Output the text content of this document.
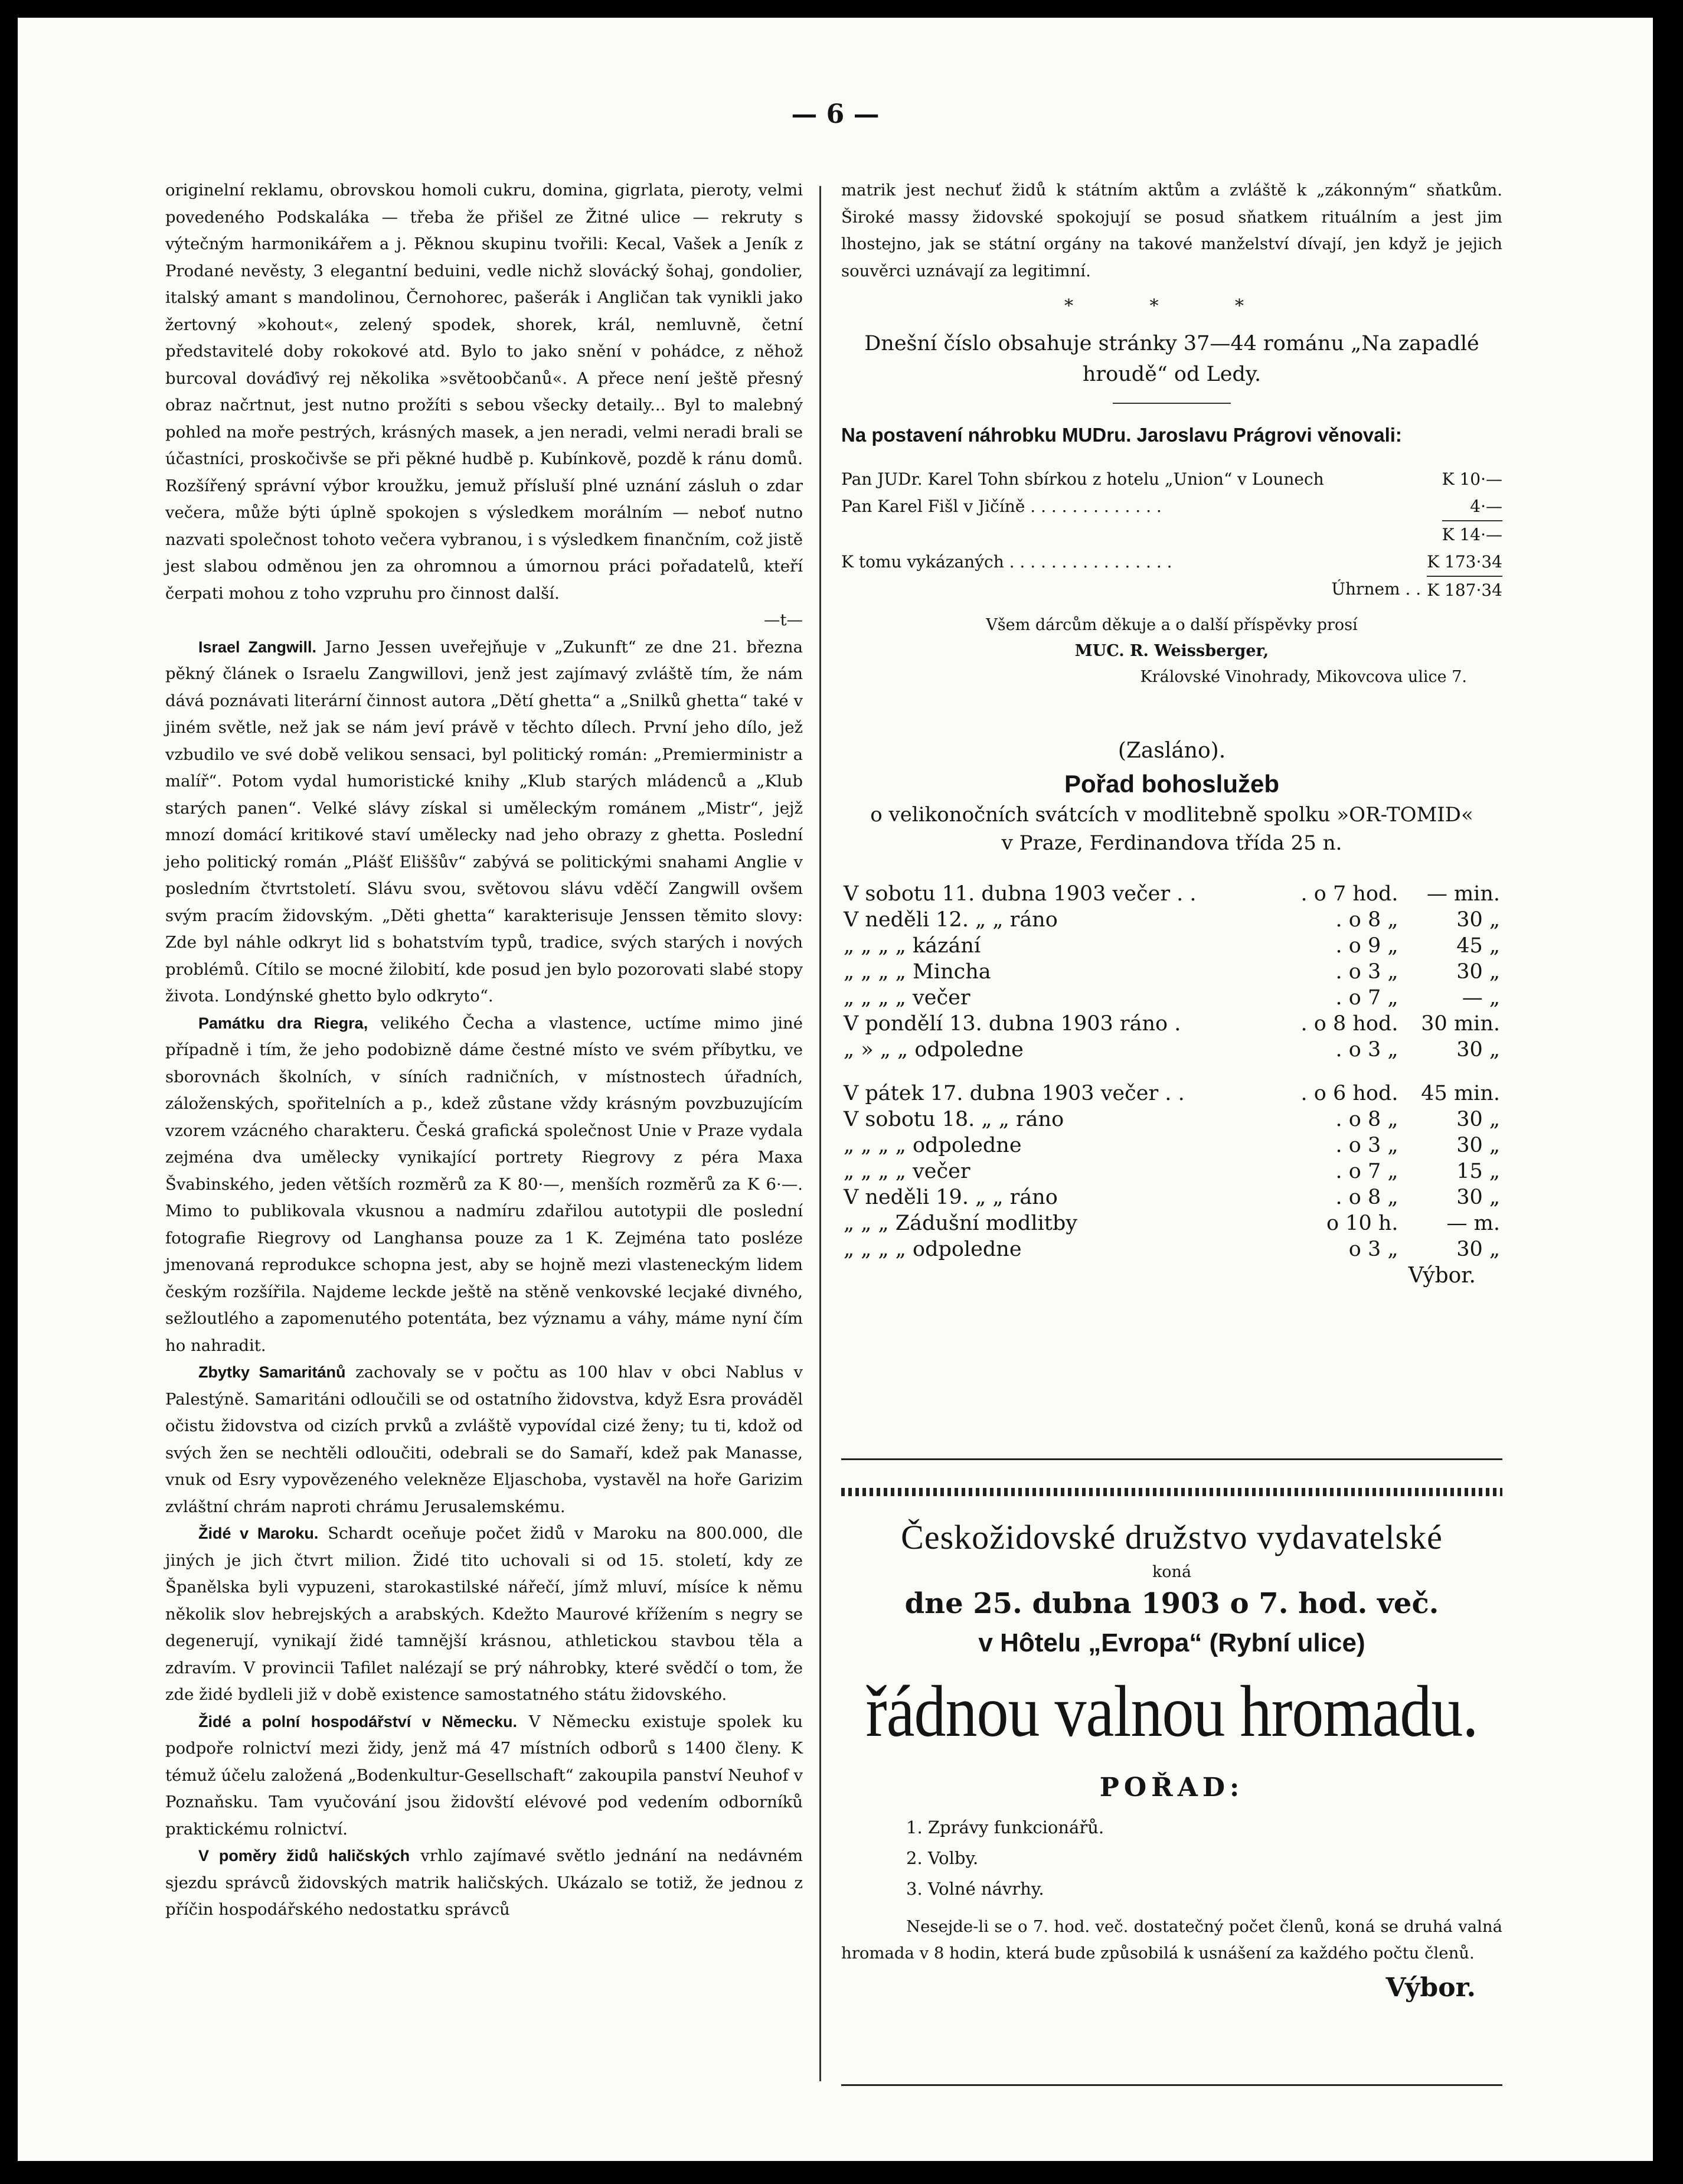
— 6 —

originelní reklamu, obrovskou homoli cukru, domina, gigrlata, pieroty, velmi povedeného Podskaláka — třeba že přišel ze Žitné ulice — rekruty s výtečným harmonikářem a j. Pěknou skupinu tvořili: Kecal, Vašek a Jeník z Prodané nevěsty, 3 elegantní beduini, vedle nichž slovácký šohaj, gondolier, italský amant s mandolinou, Černohorec, pašerák i Angličan tak vynikli jako žertovný »kohout«, zelený spodek, shorek, král, nemluvně, četní představitelé doby rokokové atd. Bylo to jako snění v pohádce, z něhož burcoval dováďivý rej několika »světoobčanů«. A přece není ještě přesný obraz načrtnut, jest nutno prožíti s sebou všecky detaily... Byl to malebný pohled na moře pestrých, krásných masek, a jen neradi, velmi neradi brali se účastníci, proskočivše se při pěkné hudbě p. Kubínkově, pozdě k ránu domů. Rozšířený správní výbor kroužku, jemuž přísluší plné uznání zásluh o zdar večera, může býti úplně spokojen s výsledkem morálním — neboť nutno nazvati společnost tohoto večera vybranou, i s výsledkem finančním, což jistě jest slabou odměnou jen za ohromnou a úmornou práci pořadatelů, kteří čerpati mohou z toho vzpruhu pro činnost další.

—t—

Israel Zangwill. Jarno Jessen uveřejňuje v „Zukunft“ ze dne 21. března pěkný článek o Israelu Zangwillovi, jenž jest zajímavý zvláště tím, že nám dává poznávati literární činnost autora „Dětí ghetta“ a „Snilků ghetta“ také v jiném světle, než jak se nám jeví právě v těchto dílech. První jeho dílo, jež vzbudilo ve své době velikou sensaci, byl politický román: „Premierministr a malíř“. Potom vydal humoristické knihy „Klub starých mládenců a „Klub starých panen“. Velké slávy získal si uměleckým románem „Mistr“, jejž mnozí domácí kritikové staví umělecky nad jeho obrazy z ghetta. Poslední jeho politický román „Plášť Eliššův“ zabývá se politickými snahami Anglie v posledním čtvrtstoletí. Slávu svou, světovou slávu vděčí Zangwill ovšem svým pracím židovským. „Děti ghetta“ karakterisuje Jenssen těmito slovy: Zde byl náhle odkryt lid s bohatstvím typů, tradice, svých starých i nových problémů. Cítilo se mocné žilobití, kde posud jen bylo pozorovati slabé stopy života. Londýnské ghetto bylo odkryto“.

Památku dra Riegra, velikého Čecha a vlastence, uctíme mimo jiné případně i tím, že jeho podobizně dáme čestné místo ve svém příbytku, ve sborovnách školních, v síních radničních, v místnostech úřadních, záloženských, spořitelních a p., kdež zůstane vždy krásným povzbuzujícím vzorem vzácného charakteru. Česká grafická společnost Unie v Praze vydala zejména dva umělecky vynikající portrety Riegrovy z péra Maxa Švabinského, jeden větších rozměrů za K 80·—, menších rozměrů za K 6·—. Mimo to publikovala vkusnou a nadmíru zdařilou autotypii dle poslední fotografie Riegrovy od Langhansa pouze za 1 K. Zejména tato posléze jmenovaná reprodukce schopna jest, aby se hojně mezi vlasteneckým lidem českým rozšířila. Najdeme leckde ještě na stěně venkovské lecjaké divného, sežloutlého a zapomenutého potentáta, bez významu a váhy, máme nyní čím ho nahradit.

Zbytky Samaritánů zachovaly se v počtu as 100 hlav v obci Nablus v Palestýně. Samaritáni odloučili se od ostatního židovstva, když Esra prováděl očistu židovstva od cizích prvků a zvláště vypovídal cizé ženy; tu ti, kdož od svých žen se nechtěli odloučiti, odebrali se do Samaří, kdež pak Manasse, vnuk od Esry vypovězeného velekněze Eljaschoba, vystavěl na hoře Garizim zvláštní chrám naproti chrámu Jerusalemskému.

Židé v Maroku. Schardt oceňuje počet židů v Maroku na 800.000, dle jiných je jich čtvrt milion. Židé tito uchovali si od 15. století, kdy ze Španělska byli vypuzeni, starokastilské nářečí, jímž mluví, mísíce k němu několik slov hebrejských a arabských. Kdežto Maurové křížením s negry se degenerují, vynikají židé tamnější krásnou, athletickou stavbou těla a zdravím. V provincii Tafilet nalézají se prý náhrobky, které svědčí o tom, že zde židé bydleli již v době existence samostatného státu židovského.

Židé a polní hospodářství v Německu. V Německu existuje spolek ku podpoře rolnictví mezi židy, jenž má 47 místních odborů s 1400 členy. K témuž účelu založená „Bodenkultur-Gesellschaft“ zakoupila panství Neuhof v Poznaňsku. Tam vyučování jsou židovští elévové pod vedením odborníků praktickému rolnictví.

V poměry židů haličských vrhlo zajímavé světlo jednání na nedávném sjezdu správců židovských matrik haličských. Ukázalo se totiž, že jednou z příčin hospodářského nedostatku správců

matrik jest nechuť židů k státním aktům a zvláště k „zákonným“ sňatkům. Široké massy židovské spokojují se posud sňatkem rituálním a jest jim lhostejno, jak se státní orgány na takové manželství dívají, jen když je jejich souvěrci uznávají za legitimní.

* * *
Dnešní číslo obsahuje stránky 37—44 románu „Na zapadlé hroudě“ od Ledy.
Na postavení náhrobku MUDru. Jaroslavu Prágrovi věnovali:
Pan JUDr. Karel Tohn sbírkou z hotelu „Union“ v Lounech	K 10·—
Pan Karel Fišl v Jičíně . . . . . . . . . . . . .	4·—
K 14·—
K tomu vykázaných . . . . . . . . . . . . . . . .	K 173·34
Úhrnem . . K 187·34
Všem dárcům děkuje a o další příspěvky prosí
MUC. R. Weissberger,
Královské Vinohrady, Mikovcova ulice 7.
(Zasláno).
Pořad bohoslužeb
o velikonočních svátcích v modlitebně spolku »OR-TOMID«
v Praze, Ferdinandova třída 25 n.
V sobotu 11. dubna 1903 večer . .	. o 7 hod.	— min.
V neděli 12. „ „ ráno	. o 8 „	30 „
„ „ „ „ kázání	. o 9 „	45 „
„ „ „ „ Mincha	. o 3 „	30 „
„ „ „ „ večer	. o 7 „	— „
V pondělí 13. dubna 1903 ráno .	. o 8 hod.	30 min.
„ » „ „ odpoledne	. o 3 „	30 „

V pátek 17. dubna 1903 večer . .	. o 6 hod.	45 min.
V sobotu 18. „ „ ráno	. o 8 „	30 „
„ „ „ „ odpoledne	. o 3 „	30 „
„ „ „ „ večer	. o 7 „	15 „
V neděli 19. „ „ ráno	. o 8 „	30 „
„ „ „ Zádušní modlitby	o 10 h.	— m.
„ „ „ „ odpoledne	o 3 „	30 „
Výbor.
Českožidovské družstvo vydavatelské
koná
dne 25. dubna 1903 o 7. hod. več.
v Hôtelu „Evropa“ (Rybní ulice)
řádnou valnou hromadu.
POŘAD:
1. Zprávy funkcionářů.
2. Volby.
3. Volné návrhy.
Nesejde-li se o 7. hod. več. dostatečný počet členů, koná se druhá valná hromada v 8 hodin, která bude způsobilá k usnášení za každého počtu členů.
Výbor.
